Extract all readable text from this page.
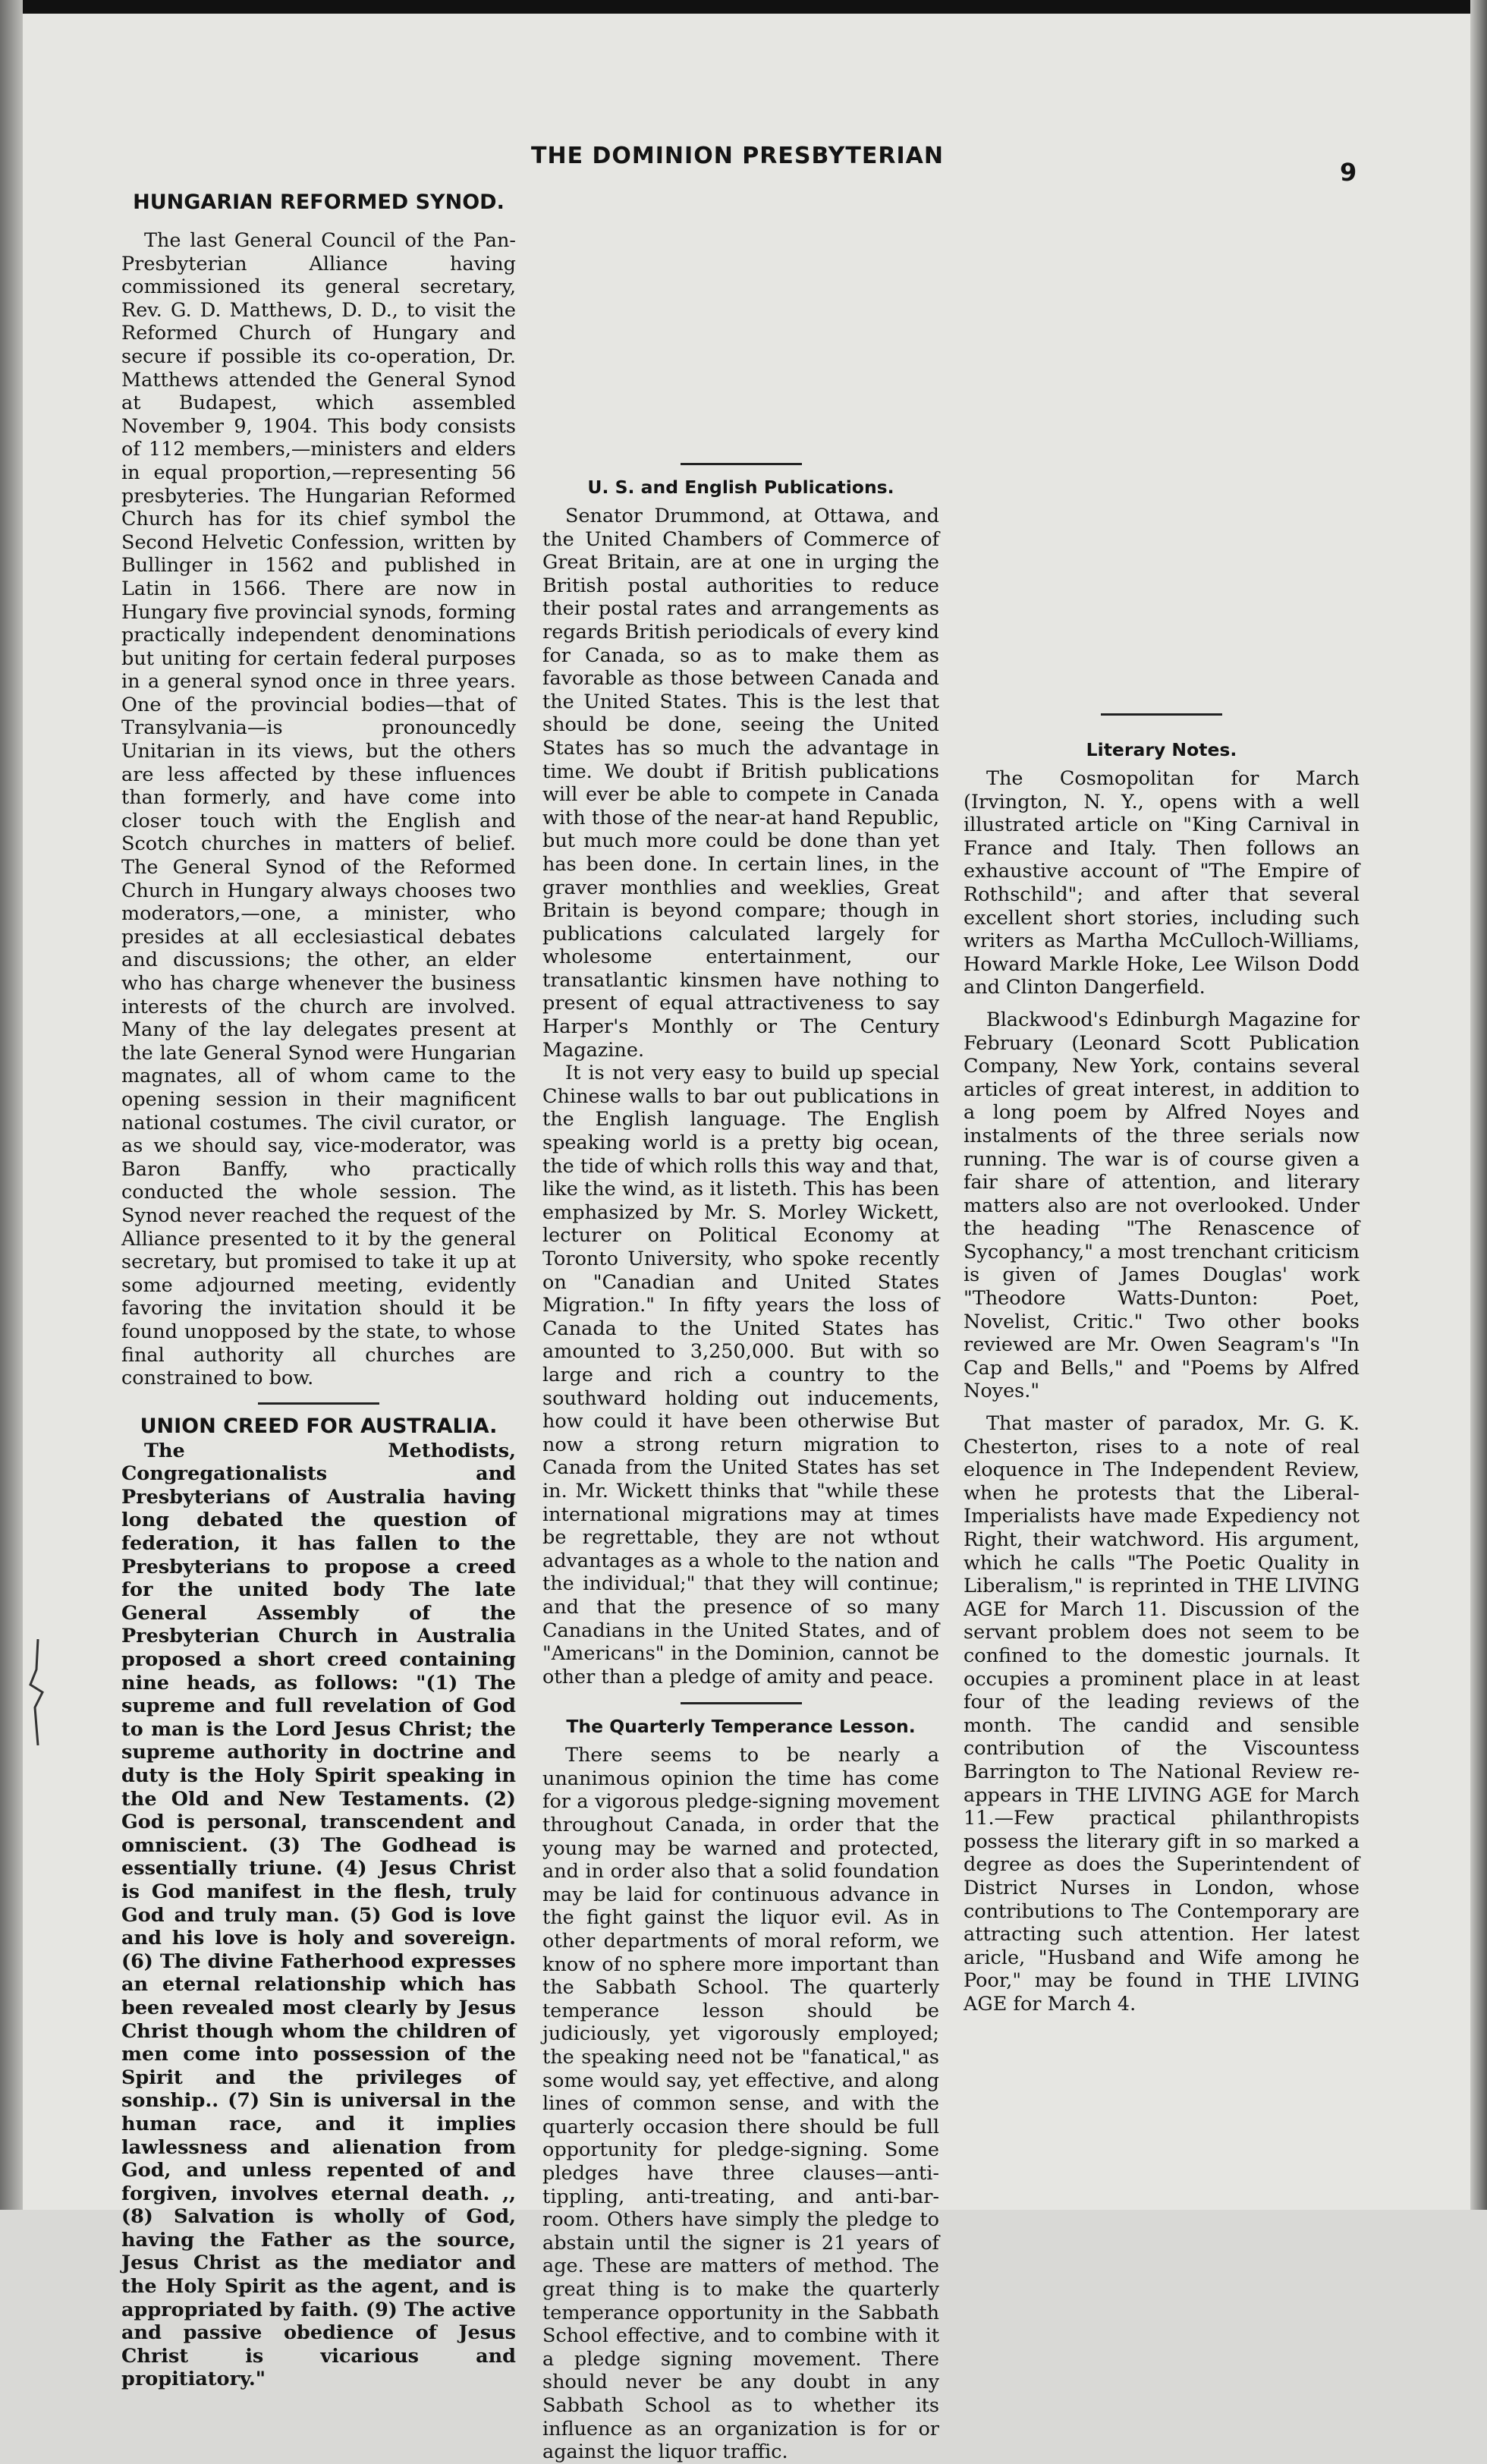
THE DOMINION PRESBYTERIAN
9
HUNGARIAN REFORMED SYNOD.

The last General Council of the Pan-Presbyterian Alliance having commissioned its general secretary, Rev. G. D. Matthews, D. D., to visit the Reformed Church of Hungary and secure if possible its co-operation, Dr. Matthews attended the General Synod at Budapest, which assembled November 9, 1904. This body consists of 112 members,—ministers and elders in equal proportion,—representing 56 presbyteries. The Hungarian Reformed Church has for its chief symbol the Second Helvetic Confession, written by Bullinger in 1562 and published in Latin in 1566. There are now in Hungary five provincial synods, forming practically independent denominations but uniting for certain federal purposes in a general synod once in three years. One of the provincial bodies—that of Transylvania—is pronouncedly Unitarian in its views, but the others are less affected by these influences than formerly, and have come into closer touch with the English and Scotch churches in matters of belief. The General Synod of the Reformed Church in Hungary always chooses two moderators,—one, a minister, who presides at all ecclesiastical debates and discussions; the other, an elder who has charge whenever the business interests of the church are involved. Many of the lay delegates present at the late General Synod were Hungarian magnates, all of whom came to the opening session in their magnificent national costumes. The civil curator, or as we should say, vice-moderator, was Baron Banffy, who practically conducted the whole session. The Synod never reached the request of the Alliance presented to it by the general secretary, but promised to take it up at some adjourned meeting, evidently favoring the invitation should it be found unopposed by the state, to whose final authority all churches are constrained to bow.

UNION CREED FOR AUSTRALIA.

The Methodists, Congregationalists and Presbyterians of Australia having long debated the question of federation, it has fallen to the Presbyterians to propose a creed for the united body The late General Assembly of the Presbyterian Church in Australia proposed a short creed containing nine heads, as follows: "(1) The supreme and full revelation of God to man is the Lord Jesus Christ; the supreme authority in doctrine and duty is the Holy Spirit speaking in the Old and New Testaments. (2) God is personal, transcendent and omniscient. (3) The Godhead is essentially triune. (4) Jesus Christ is God manifest in the flesh, truly God and truly man. (5) God is love and his love is holy and sovereign. (6) The divine Fatherhood expresses an eternal relationship which has been revealed most clearly by Jesus Christ though whom the children of men come into possession of the Spirit and the privileges of sonship.. (7) Sin is universal in the human race, and it implies lawlessness and alienation from God, and unless repented of and forgiven, involves eternal death. ,,(8) Salvation is wholly of God, having the Father as the source, Jesus Christ as the mediator and the Holy Spirit as the agent, and is appropriated by faith. (9) The active and passive obedience of Jesus Christ is vicarious and propitiatory."

U. S. and English Publications.

Senator Drummond, at Ottawa, and the United Chambers of Commerce of Great Britain, are at one in urging the British postal authorities to reduce their postal rates and arrangements as regards British periodicals of every kind for Canada, so as to make them as favorable as those between Canada and the United States. This is the lest that should be done, seeing the United States has so much the advantage in time. We doubt if British publications will ever be able to compete in Canada with those of the near-at hand Republic, but much more could be done than yet has been done. In certain lines, in the graver monthlies and weeklies, Great Britain is beyond compare; though in publications calculated largely for wholesome entertainment, our transatlantic kinsmen have nothing to present of equal attractiveness to say Harper's Monthly or The Century Magazine.

It is not very easy to build up special Chinese walls to bar out publications in the English language. The English speaking world is a pretty big ocean, the tide of which rolls this way and that, like the wind, as it listeth. This has been emphasized by Mr. S. Morley Wickett, lecturer on Political Economy at Toronto University, who spoke recently on "Canadian and United States Migration." In fifty years the loss of Canada to the United States has amounted to 3,250,000. But with so large and rich a country to the southward holding out inducements, how could it have been otherwise But now a strong return migration to Canada from the United States has set in. Mr. Wickett thinks that "while these international migrations may at times be regrettable, they are not wthout advantages as a whole to the nation and the individual;" that they will continue; and that the presence of so many Canadians in the United States, and of "Americans" in the Dominion, cannot be other than a pledge of amity and peace.

The Quarterly Temperance Lesson.

There seems to be nearly a unanimous opinion the time has come for a vigorous pledge-signing movement throughout Canada, in order that the young may be warned and protected, and in order also that a solid foundation may be laid for continuous advance in the fight gainst the liquor evil. As in other departments of moral reform, we know of no sphere more important than the Sabbath School. The quarterly temperance lesson should be judiciously, yet vigorously employed; the speaking need not be "fanatical," as some would say, yet effective, and along lines of common sense, and with the quarterly occasion there should be full opportunity for pledge-signing. Some pledges have three clauses—anti-tippling, anti-treating, and anti-bar-room. Others have simply the pledge to abstain until the signer is 21 years of age. These are matters of method. The great thing is to make the quarterly temperance opportunity in the Sabbath School effective, and to combine with it a pledge signing movement. There should never be any doubt in any Sabbath School as to whether its influence as an organization is for or against the liquor traffic.

Literary Notes.

The Cosmopolitan for March (Irvington, N. Y., opens with a well illustrated article on "King Carnival in France and Italy. Then follows an exhaustive account of "The Empire of Rothschild"; and after that several excellent short stories, including such writers as Martha McCulloch-Williams, Howard Markle Hoke, Lee Wilson Dodd and Clinton Dangerfield.

Blackwood's Edinburgh Magazine for February (Leonard Scott Publication Company, New York, contains several articles of great interest, in addition to a long poem by Alfred Noyes and instalments of the three serials now running. The war is of course given a fair share of attention, and literary matters also are not overlooked. Under the heading "The Renascence of Sycophancy," a most trenchant criticism is given of James Douglas' work "Theodore Watts-Dunton: Poet, Novelist, Critic." Two other books reviewed are Mr. Owen Seagram's "In Cap and Bells," and "Poems by Alfred Noyes."

That master of paradox, Mr. G. K. Chesterton, rises to a note of real eloquence in The Independent Review, when he protests that the Liberal-Imperialists have made Expediency not Right, their watchword. His argument, which he calls "The Poetic Quality in Liberalism," is reprinted in THE LIVING AGE for March 11. Discussion of the servant problem does not seem to be confined to the domestic journals. It occupies a prominent place in at least four of the leading reviews of the month. The candid and sensible contribution of the Viscountess Barrington to The National Review re-appears in THE LIVING AGE for March 11.—Few practical philanthropists possess the literary gift in so marked a degree as does the Superintendent of District Nurses in London, whose contributions to The Contemporary are attracting such attention. Her latest aricle, "Husband and Wife among he Poor," may be found in THE LIVING AGE for March 4.
